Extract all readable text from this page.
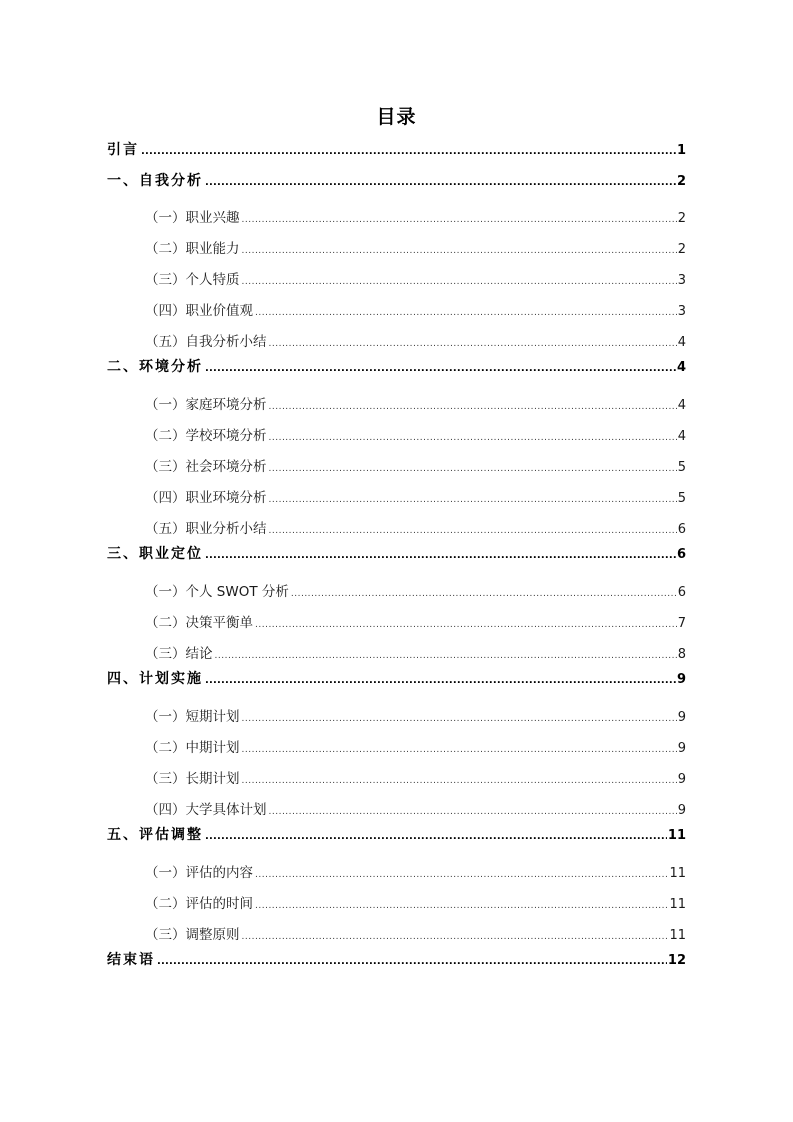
目录
引言 .....	1
一、自我分析 .....	2
（一）职业兴趣 .....	2
（二）职业能力 .....	2
（三）个人特质 .....	3
（四）职业价值观 .....	3
（五）自我分析小结 .....	4
二、环境分析 .....	4
（一）家庭环境分析 .....	4
（二）学校环境分析 .....	4
（三）社会环境分析 .....	5
（四）职业环境分析 .....	5
（五）职业分析小结 .....	6
三、职业定位 .....	6
（一）个人 SWOT 分析 .....	6
（二）决策平衡单 .....	7
（三）结论 .....	8
四、计划实施 .....	9
（一）短期计划 .....	9
（二）中期计划 .....	9
（三）长期计划 .....	9
（四）大学具体计划 .....	9
五、评估调整 .....	11
（一）评估的内容 .....	11
（二）评估的时间 .....	11
（三）调整原则 .....	11
结束语 .....	12
